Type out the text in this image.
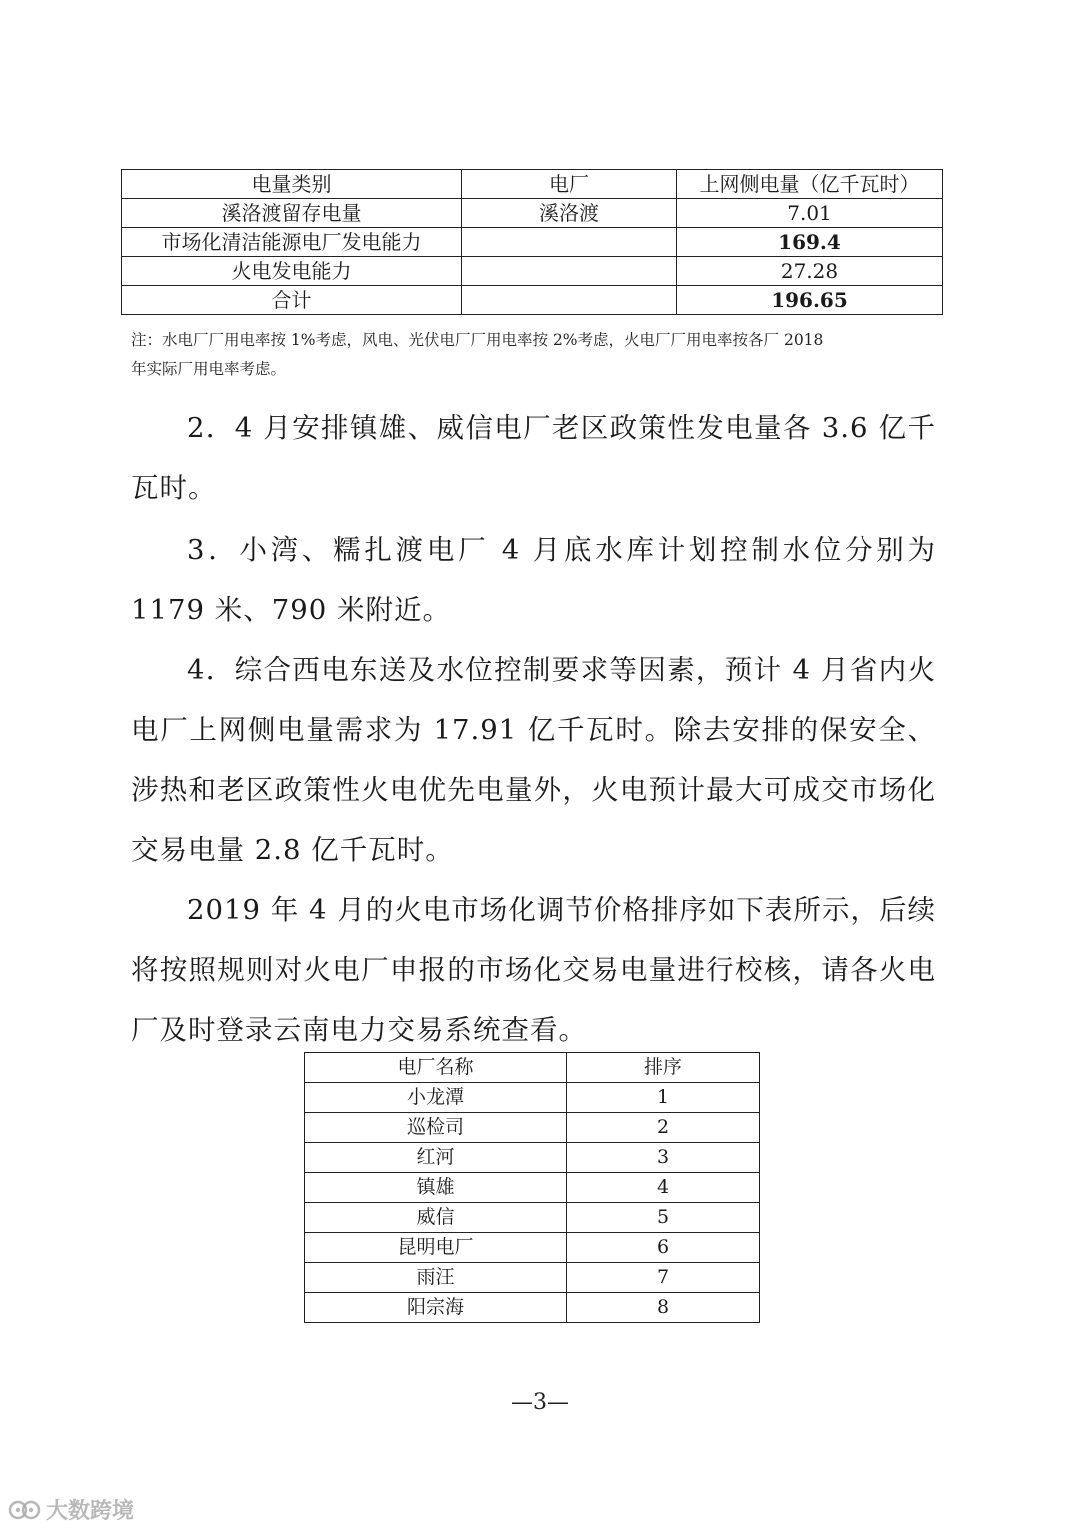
电量类别	电厂	上网侧电量（亿千瓦时）
溪洛渡留存电量	溪洛渡	7.01
市场化清洁能源电厂发电能力		169.4
火电发电能力		27.28
合计		196.65
注：水电厂厂用电率按 1%考虑，风电、光伏电厂厂用电率按 2%考虑，火电厂厂用电率按各厂 2018
年实际厂用电率考虑。
2．4 月安排镇雄、威信电厂老区政策性发电量各 3.6 亿千瓦时。
3．小湾、糯扎渡电厂 4 月底水库计划控制水位分别为 1179 米、790 米附近。
4．综合西电东送及水位控制要求等因素，预计 4 月省内火电厂上网侧电量需求为 17.91 亿千瓦时。除去安排的保安全、涉热和老区政策性火电优先电量外，火电预计最大可成交市场化交易电量 2.8 亿千瓦时。
2019 年 4 月的火电市场化调节价格排序如下表所示，后续将按照规则对火电厂申报的市场化交易电量进行校核，请各火电厂及时登录云南电力交易系统查看。
电厂名称	排序
小龙潭	1
巡检司	2
红河	3
镇雄	4
威信	5
昆明电厂	6
雨汪	7
阳宗海	8
—3—
大数跨境
